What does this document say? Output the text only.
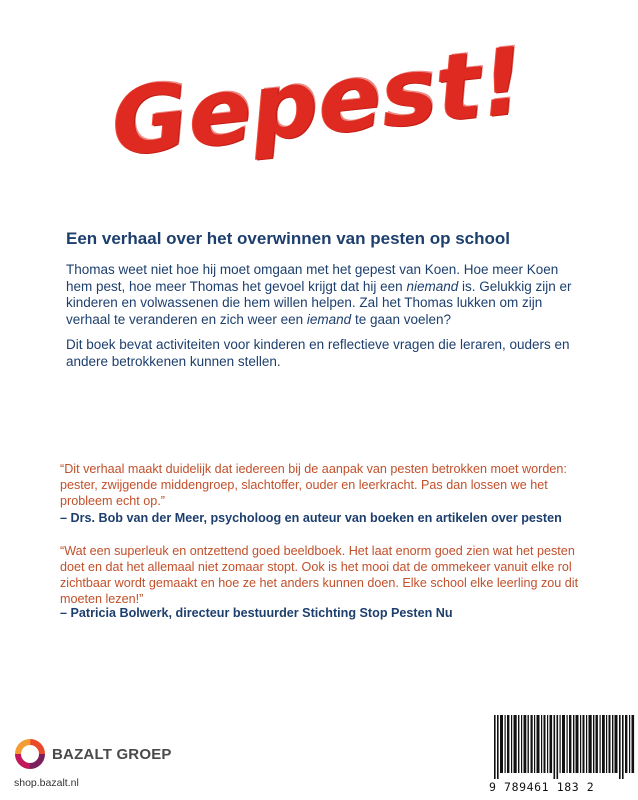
Gepest!
Een verhaal over het overwinnen van pesten op school

Thomas weet niet hoe hij moet omgaan met het gepest van Koen. Hoe meer Koen hem pest, hoe meer Thomas het gevoel krijgt dat hij een niemand is. Gelukkig zijn er kinderen en volwassenen die hem willen helpen. Zal het Thomas lukken om zijn verhaal te veranderen en zich weer een iemand te gaan voelen?

Dit boek bevat activiteiten voor kinderen en reflectieve vragen die leraren, ouders en andere betrokkenen kunnen stellen.

“Dit verhaal maakt duidelijk dat iedereen bij de aanpak van pesten betrokken moet worden: pester, zwijgende middengroep, slachtoffer, ouder en leerkracht. Pas dan lossen we het probleem echt op.”

– Drs. Bob van der Meer, psycholoog en auteur van boeken en artikelen over pesten

“Wat een superleuk en ontzettend goed beeldboek. Het laat enorm goed zien wat het pesten doet en dat het allemaal niet zomaar stopt. Ook is het mooi dat de ommekeer vanuit elke rol zichtbaar wordt gemaakt en hoe ze het anders kunnen doen. Elke school elke leerling zou dit moeten lezen!”

– Patricia Bolwerk, directeur bestuurder Stichting Stop Pesten Nu
BAZALT GROEP
shop.bazalt.nl	9 789461 183 2
